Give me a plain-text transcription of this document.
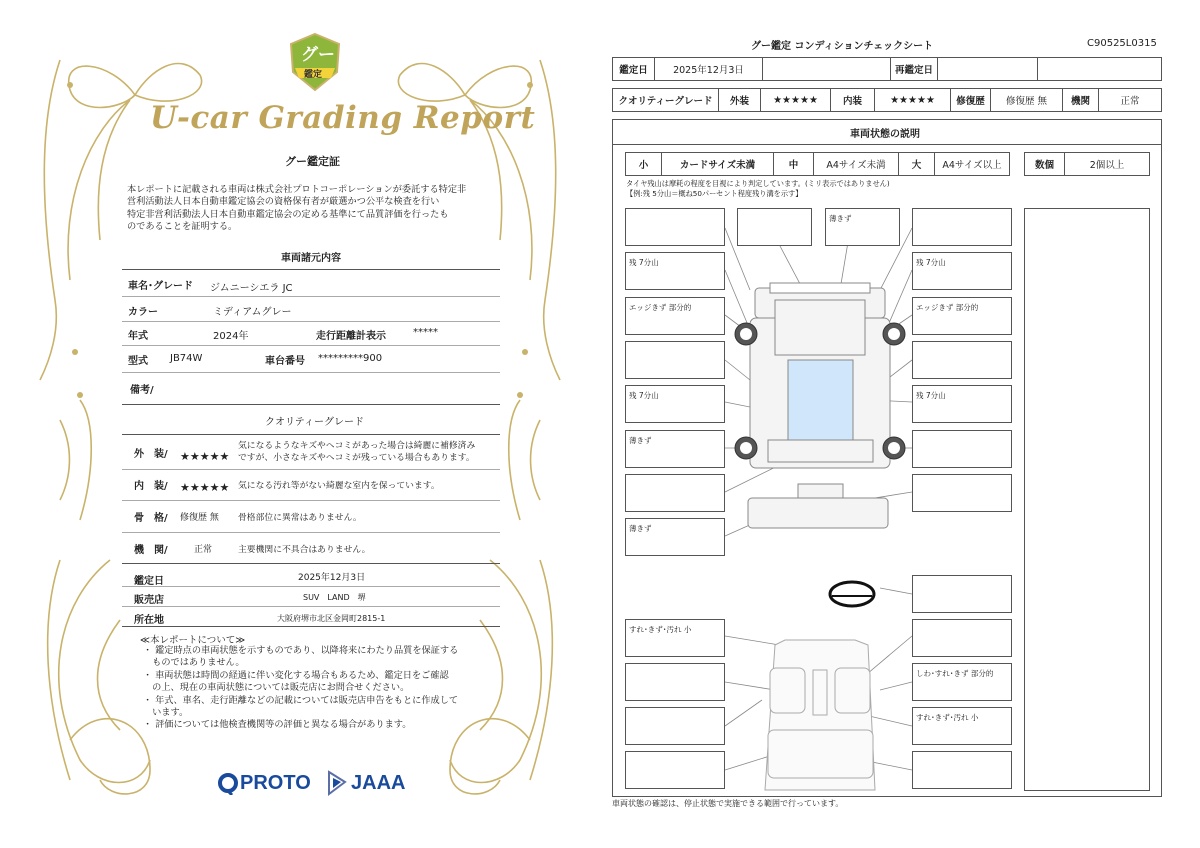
グー
鑑定
U-car Grading Report
グー鑑定証
本レポートに記載される車両は株式会社プロトコーポレーションが委託する特定非
営利活動法人日本自動車鑑定協会の資格保有者が厳選かつ公平な検査を行い
特定非営利活動法人日本自動車鑑定協会の定める基準にて品質評価を行ったも
のであることを証明する。
車両諸元内容
車名･グレード ジムニーシエラ JC
カラー	ミディアムグレー
年式	2024年	走行距離計表示	*****
型式 JB74W	車台番号 *********900
備考/
クオリティーグレード
外　装/ ★★★★★
気になるようなキズやヘコミがあった場合は綺麗に補修済み
ですが、小さなキズやヘコミが残っている場合もあります。
内　装/ ★★★★★ 気になる汚れ等がない綺麗な室内を保っています。
骨　格/ 修復歴 無 骨格部位に異常はありません。
機　関/	正常	主要機関に不具合はありません。
鑑定日	2025年12月3日
販売店	SUV　LAND　堺
所在地	大阪府堺市北区金岡町2815-1
≪本レポートについて≫
・ 鑑定時点の車両状態を示すものであり、以降将来にわたり品質を保証する
　ものではありません。
・ 車両状態は時間の経過に伴い変化する場合もあるため、鑑定日をご確認
　の上、現在の車両状態については販売店にお問合せください。
・ 年式、車名、走行距離などの記載については販売店申告をもとに作成して
　います。
・ 評価については他検査機関等の評価と異なる場合があります。
PROTO JAAA
グー鑑定 コンディションチェックシート	C90525L0315
鑑定日	2025年12月3日	再鑑定日
クオリティーグレード	外装	★★★★★	内装	★★★★★	修復歴	修復歴 無	機関	正常
車両状態の説明
小	カードサイズ未満	中	A4サイズ未満	大	A4サイズ以上	数個	2個以上
タイヤ残山は摩耗の程度を目視により判定しています。(ミリ表示ではありません)
【例:残 5分山＝概ね50パーセント程度残り溝を示す】
残 7分山
エッジきず 部分的
残 7分山
薄きず
薄きず
すれ･きず･汚れ 小
残 7分山
エッジきず 部分的
残 7分山
しわ･すれ･きず 部分的
すれ･きず･汚れ 小
薄きず
車両状態の確認は、停止状態で実施できる範囲で行っています。
